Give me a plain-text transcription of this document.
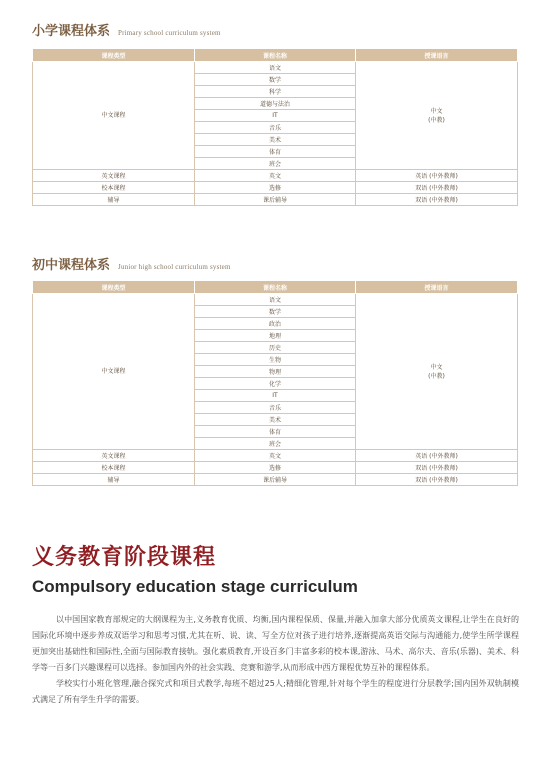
小学课程体系 Primary school curriculum system
课程类型	课程名称	授课语言
中文课程	语文	中文
(中教)

	数学	
	科学	
	道德与法治	
	IT	
	音乐	
	美术	
	体育	
	班会	
英文课程	英文	英语 (中外教师)
校本课程	选修	双语 (中外教师)
辅导	课后辅导	双语 (中外教师)
初中课程体系 Junior high school curriculum system
课程类型	课程名称	授课语言
中文课程	语文	中文
(中教)

	数学	
	政治	
	地理	
	历史	
	生物	
	物理	
	化学	
	IT	
	音乐	
	美术	
	体育	
	班会	
英文课程	英文	英语 (中外教师)
校本课程	选修	双语 (中外教师)
辅导	课后辅导	双语 (中外教师)
义务教育阶段课程
Compulsory education stage curriculum

以中国国家教育部规定的大纲课程为主,义务教育优质、均衡,国内课程保质、保量,并融入加拿大部分优质英文课程,让学生在良好的国际化环境中逐步养成双语学习和思考习惯,尤其在听、说、读、写全方位对孩子进行培养,逐渐提高英语交际与沟通能力,使学生所学课程更加突出基础性和国际性,全面与国际教育接轨。强化素质教育,开设百多门丰富多彩的校本课,游泳、马术、高尔夫、音乐(乐器)、美术、科学等一百多门兴趣课程可以选择。参加国内外的社会实践、竞赛和游学,从而形成中西方课程优势互补的课程体系。

学校实行小班化管理,融合探究式和项目式教学,每班不超过25人;精细化管理,针对每个学生的程度进行分层教学;国内国外双轨制模式满足了所有学生升学的需要。
